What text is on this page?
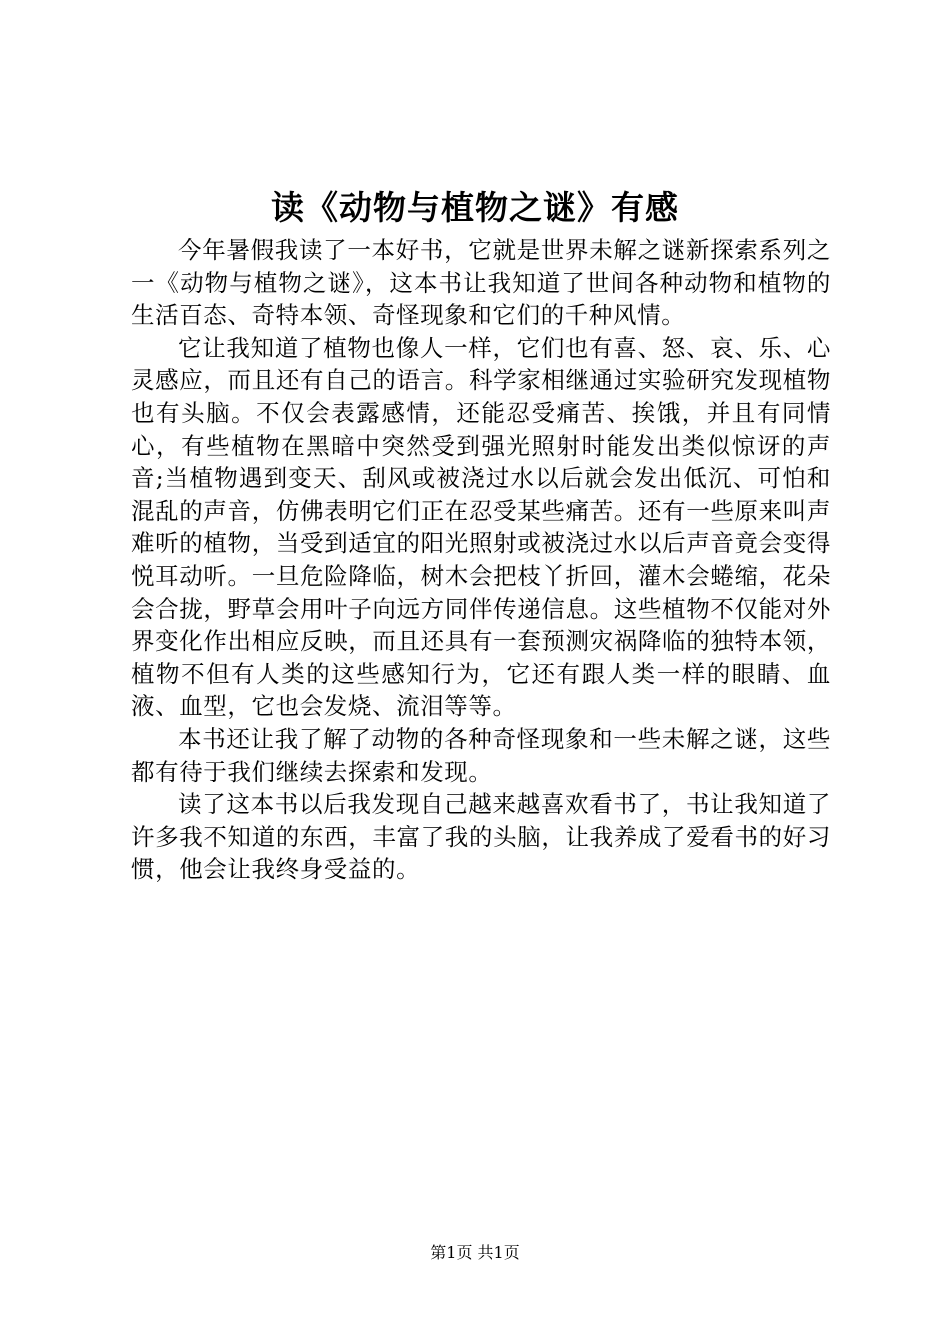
读《动物与植物之谜》有感

今年暑假我读了一本好书，它就是世界未解之谜新探索系列之一《动物与植物之谜》，这本书让我知道了世间各种动物和植物的生活百态、奇特本领、奇怪现象和它们的千种风情。

它让我知道了植物也像人一样，它们也有喜、怒、哀、乐、心灵感应，而且还有自己的语言。科学家相继通过实验研究发现植物也有头脑。不仅会表露感情，还能忍受痛苦、挨饿，并且有同情心，有些植物在黑暗中突然受到强光照射时能发出类似惊讶的声音;当植物遇到变天、刮风或被浇过水以后就会发出低沉、可怕和混乱的声音，仿佛表明它们正在忍受某些痛苦。还有一些原来叫声难听的植物，当受到适宜的阳光照射或被浇过水以后声音竟会变得悦耳动听。一旦危险降临，树木会把枝丫折回，灌木会蜷缩，花朵会合拢，野草会用叶子向远方同伴传递信息。这些植物不仅能对外界变化作出相应反映，而且还具有一套预测灾祸降临的独特本领，植物不但有人类的这些感知行为，它还有跟人类一样的眼睛、血液、血型，它也会发烧、流泪等等。

本书还让我了解了动物的各种奇怪现象和一些未解之谜，这些都有待于我们继续去探索和发现。

读了这本书以后我发现自己越来越喜欢看书了，书让我知道了许多我不知道的东西，丰富了我的头脑，让我养成了爱看书的好习惯，他会让我终身受益的。

第1页 共1页
